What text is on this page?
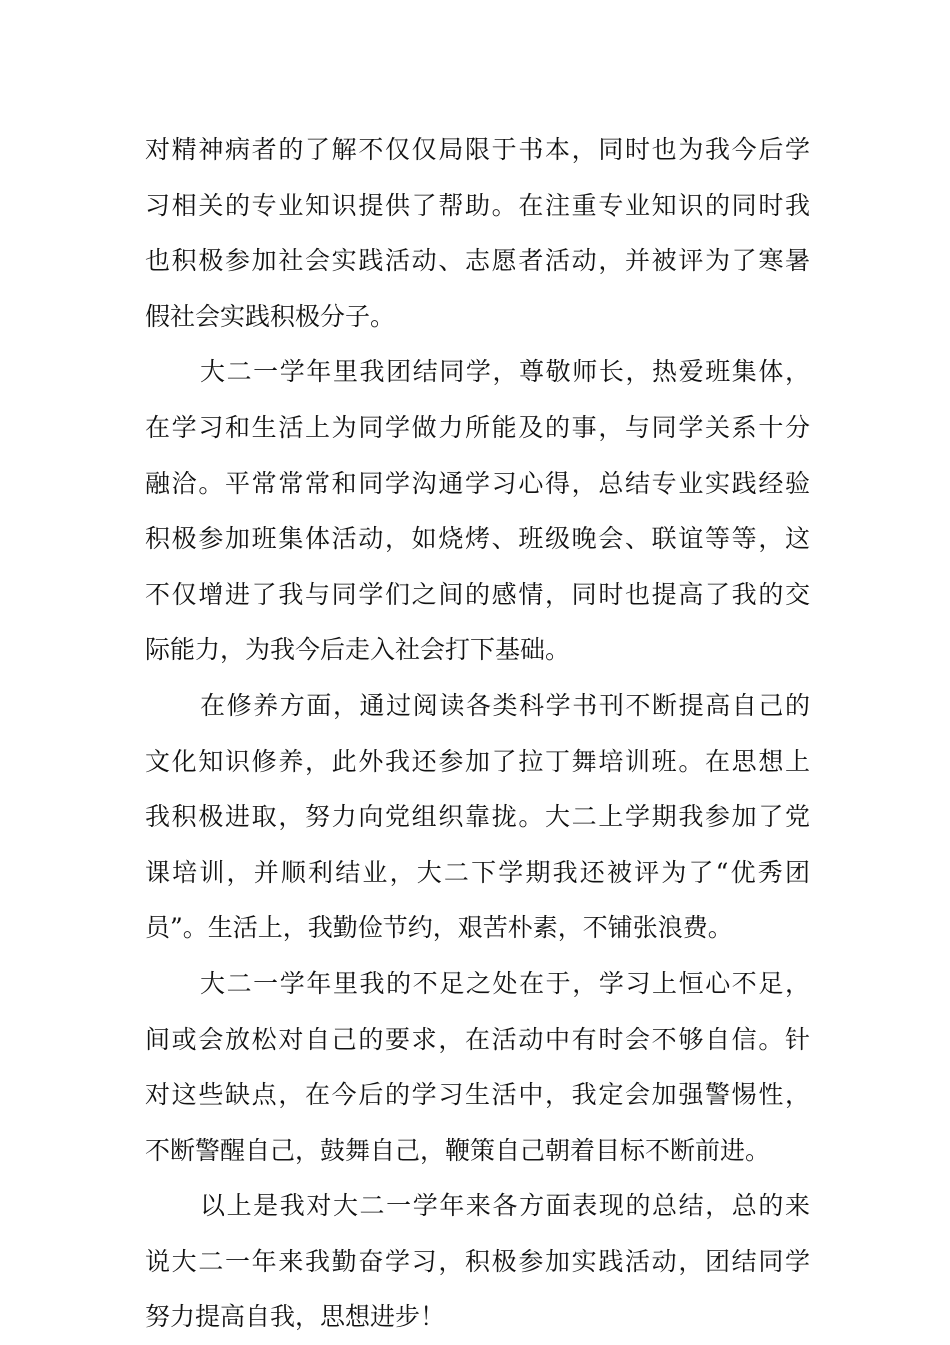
对精神病者的了解不仅仅局限于书本，同时也为我今后学
习相关的专业知识提供了帮助。在注重专业知识的同时我
也积极参加社会实践活动、志愿者活动，并被评为了寒暑
假社会实践积极分子。
大二一学年里我团结同学，尊敬师长，热爱班集体，
在学习和生活上为同学做力所能及的事，与同学关系十分
融洽。平常常常和同学沟通学习心得，总结专业实践经验
积极参加班集体活动，如烧烤、班级晚会、联谊等等，这
不仅增进了我与同学们之间的感情，同时也提高了我的交
际能力，为我今后走入社会打下基础。
在修养方面，通过阅读各类科学书刊不断提高自己的
文化知识修养，此外我还参加了拉丁舞培训班。在思想上
我积极进取，努力向党组织靠拢。大二上学期我参加了党
课培训，并顺利结业，大二下学期我还被评为了“优秀团
员”。生活上，我勤俭节约，艰苦朴素，不铺张浪费。
大二一学年里我的不足之处在于，学习上恒心不足，
间或会放松对自己的要求，在活动中有时会不够自信。针
对这些缺点，在今后的学习生活中，我定会加强警惕性，
不断警醒自己，鼓舞自己，鞭策自己朝着目标不断前进。
以上是我对大二一学年来各方面表现的总结，总的来
说大二一年来我勤奋学习，积极参加实践活动，团结同学
努力提高自我，思想进步！
